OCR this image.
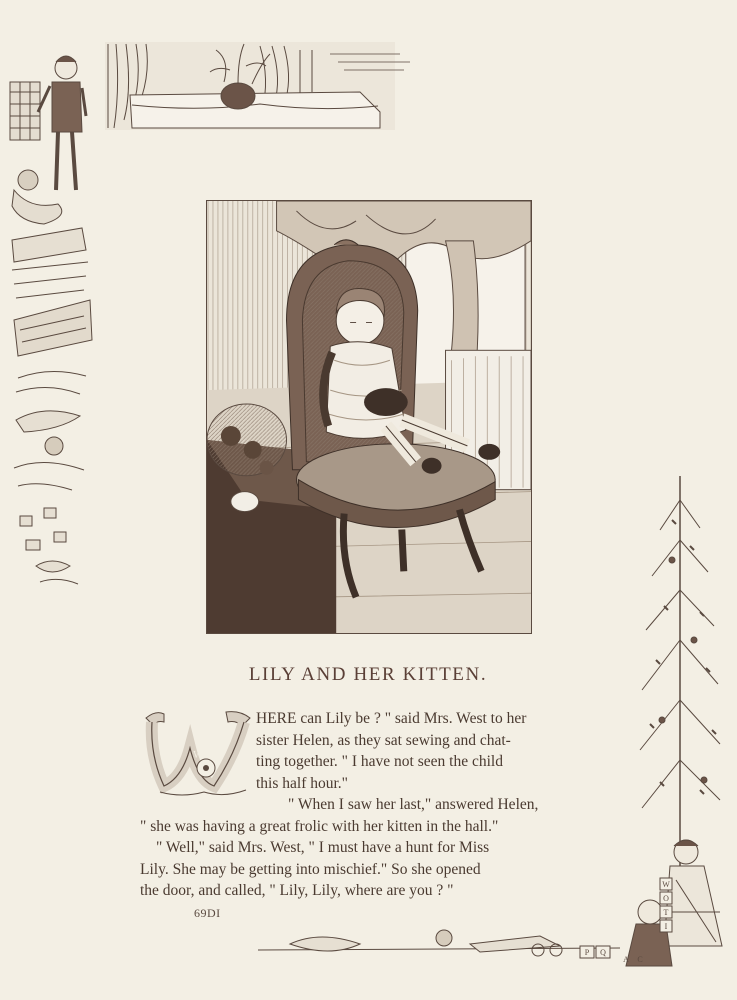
P Q
W
O
T
I
A C
LILY AND HER KITTEN.
W
HERE can Lily be ? " said Mrs. West to her
sister Helen, as they sat sewing and chat-
ting together. " I have not seen the child
this half hour."
" When I saw her last," answered Helen,
" she was having a great frolic with her kitten in the hall."
" Well," said Mrs. West, " I must have a hunt for Miss
Lily. She may be getting into mischief." So she opened
the door, and called, " Lily, Lily, where are you ? "
69DI
